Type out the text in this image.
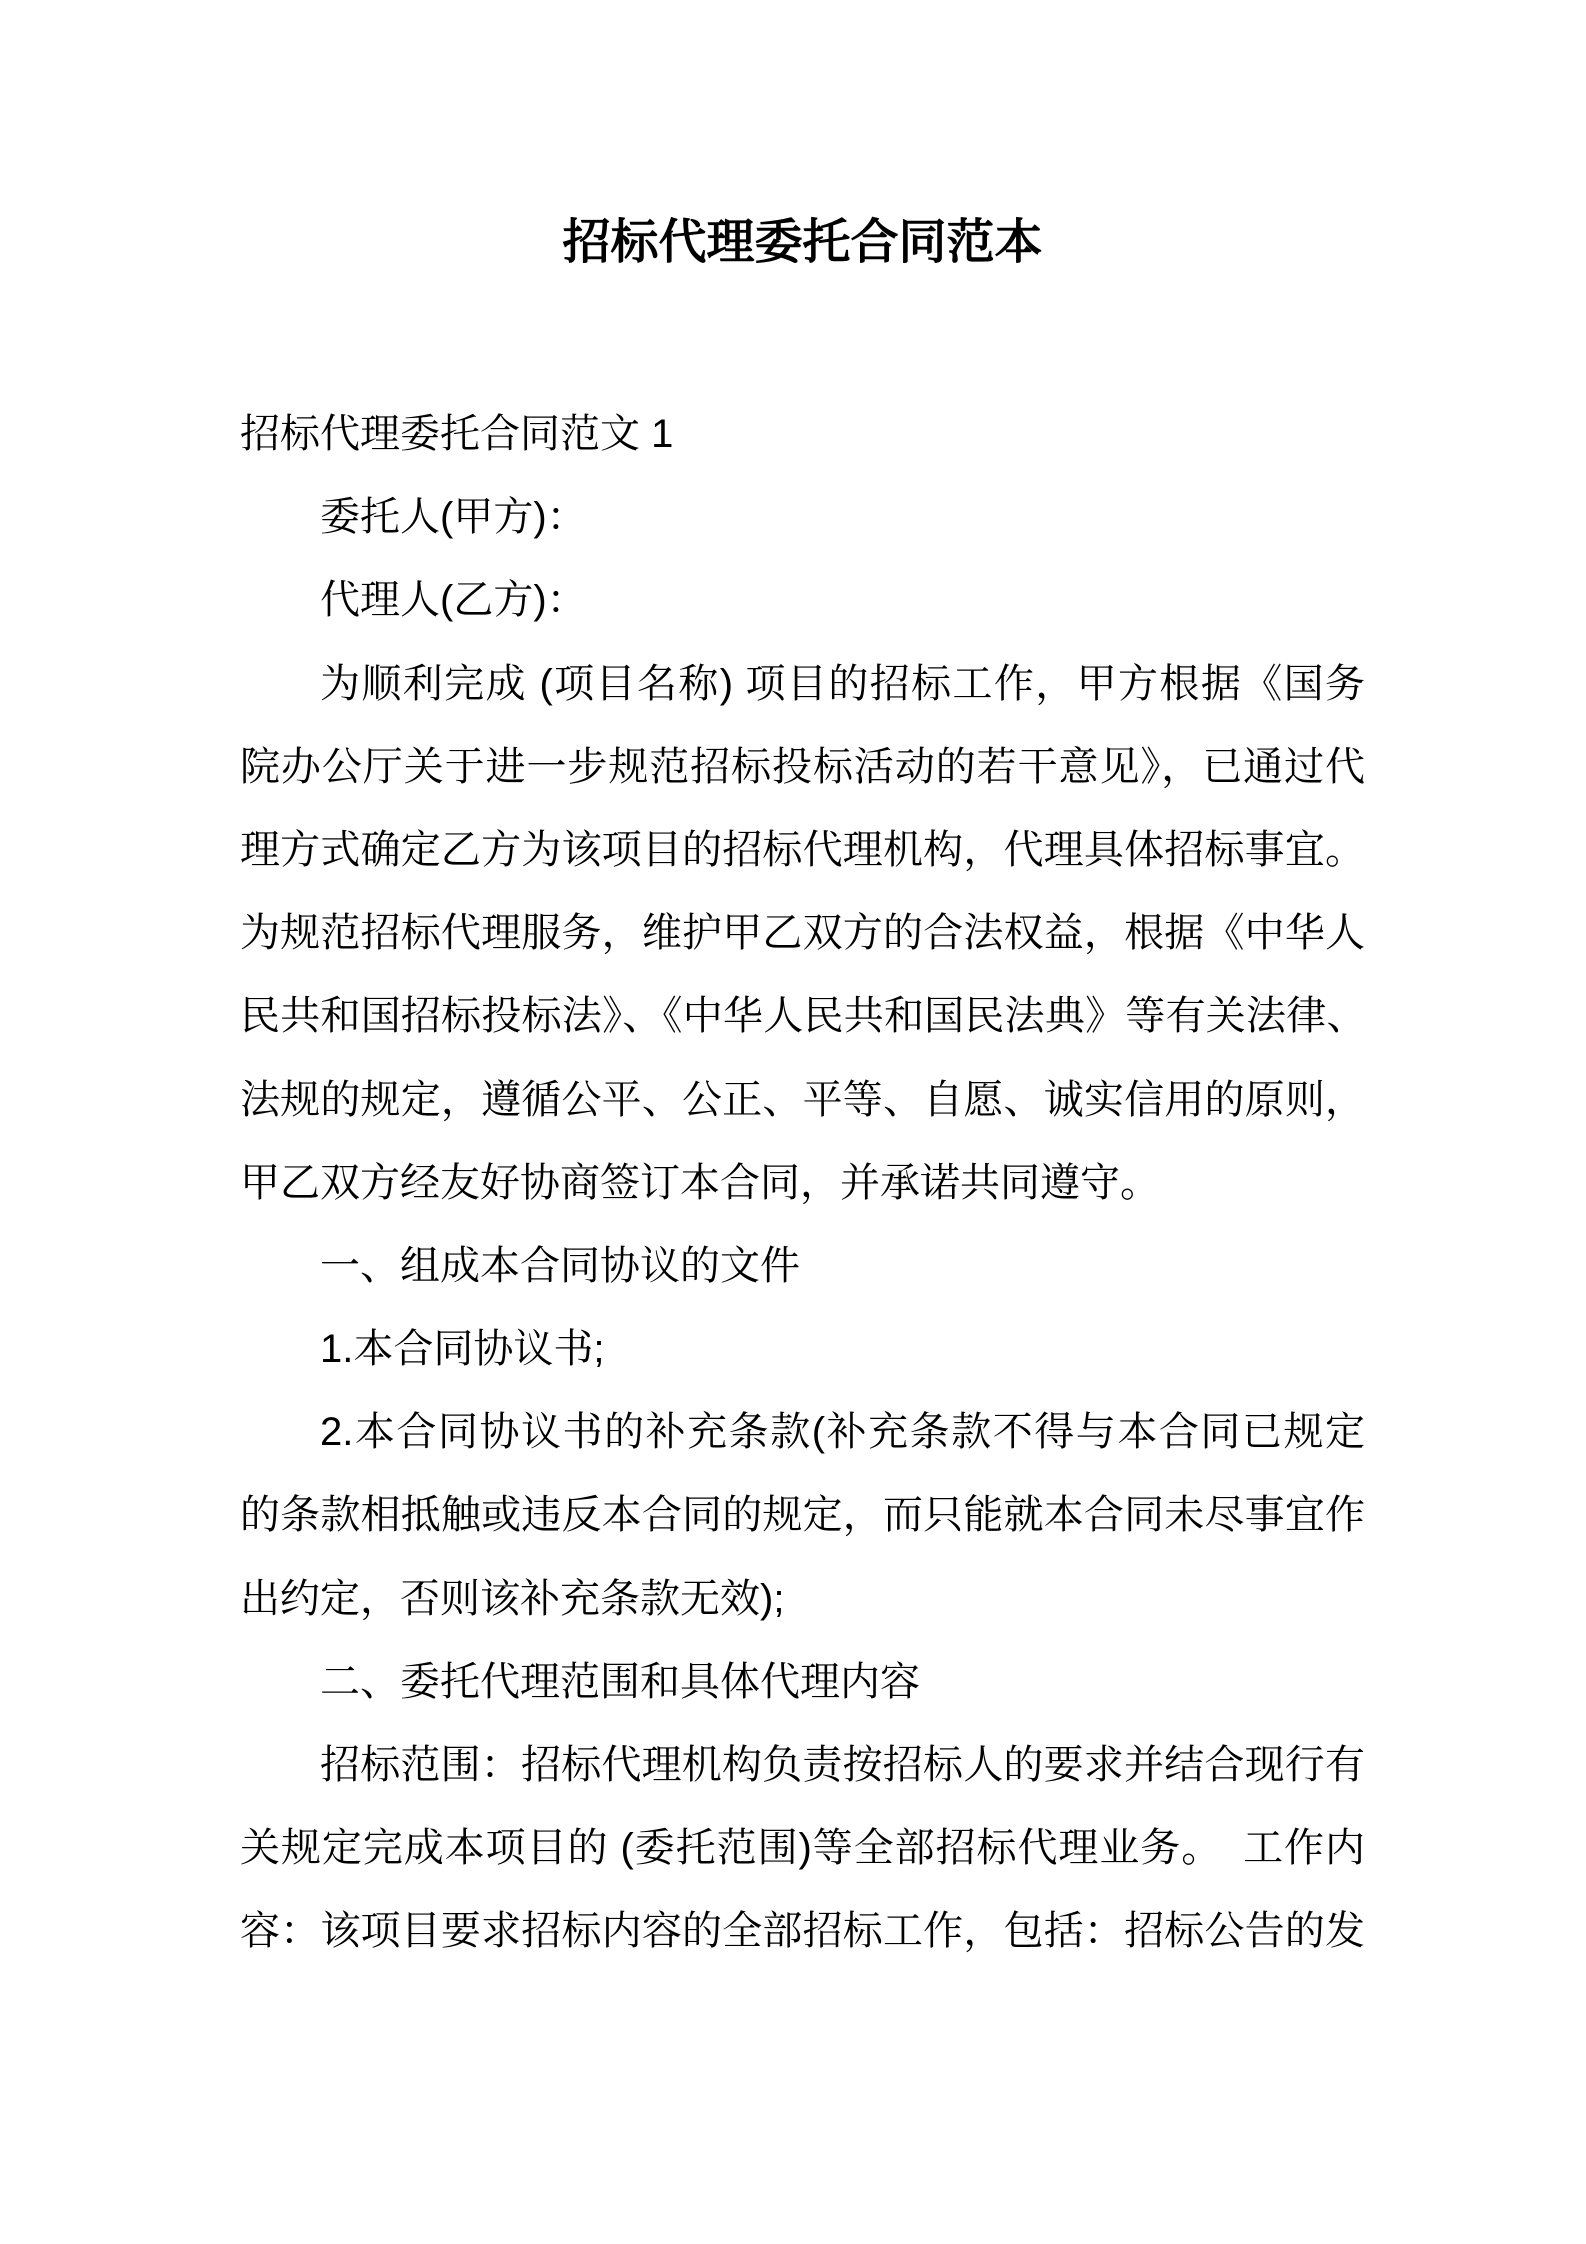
招标代理委托合同范本
招标代理委托合同范文 1
委托人(甲方)：
代理人(乙方)：
为顺利完成 (项目名称) 项目的招标工作，甲方根据《国务
院办公厅关于进一步规范招标投标活动的若干意见》，已通过代
理方式确定乙方为该项目的招标代理机构，代理具体招标事宜。
为规范招标代理服务，维护甲乙双方的合法权益，根据《中华人
民共和国招标投标法》、《中华人民共和国民法典》等有关法律、
法规的规定，遵循公平、公正、平等、自愿、诚实信用的原则，
甲乙双方经友好协商签订本合同，并承诺共同遵守。
一、组成本合同协议的文件
1.本合同协议书;
2.本合同协议书的补充条款(补充条款不得与本合同已规定
的条款相抵触或违反本合同的规定，而只能就本合同未尽事宜作
出约定，否则该补充条款无效);
二、委托代理范围和具体代理内容
招标范围：招标代理机构负责按招标人的要求并结合现行有
关规定完成本项目的 (委托范围)等全部招标代理业务。　工作内
容：该项目要求招标内容的全部招标工作，包括：招标公告的发
